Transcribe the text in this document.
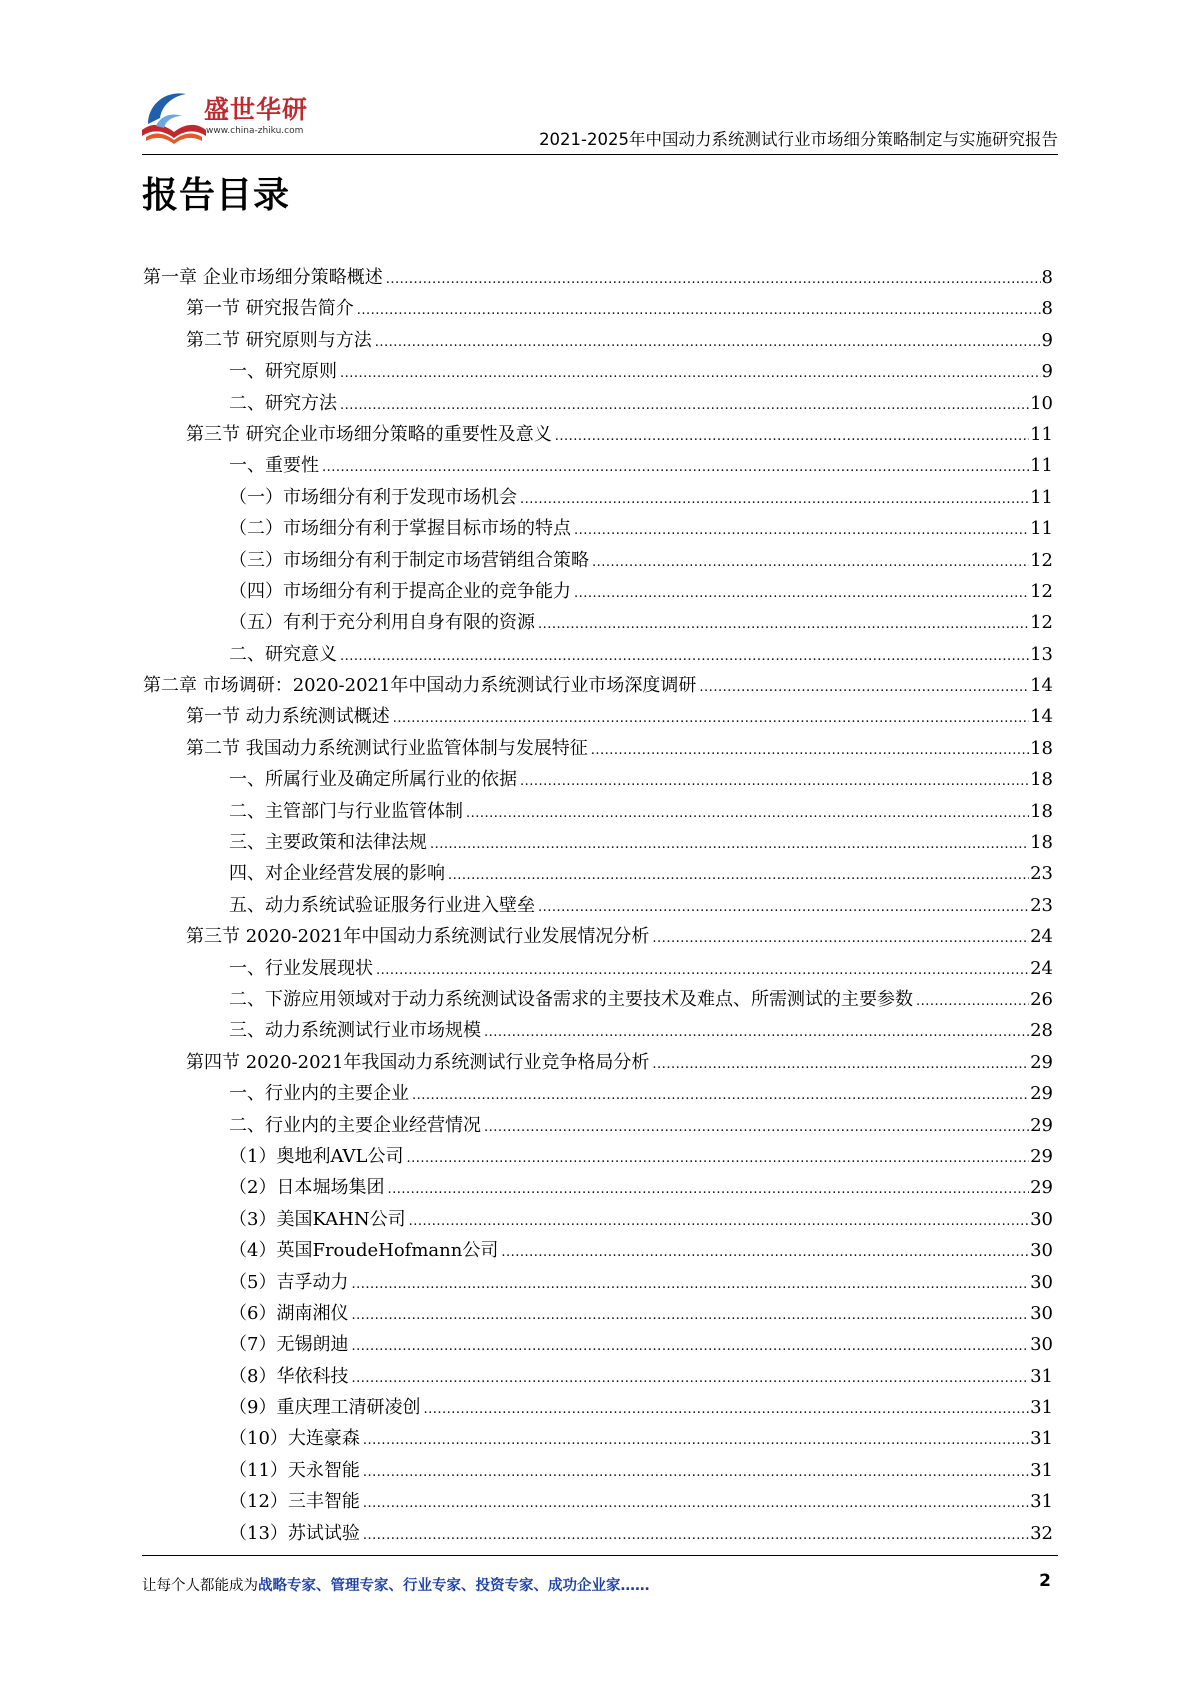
盛世华研
www.china-zhiku.com	2021-2025年中国动力系统测试行业市场细分策略制定与实施研究报告
报告目录
第一章 企业市场细分策略概述 .....	8
第一节 研究报告简介 .....	8
第二节 研究原则与方法 .....	9
一、研究原则 .....	9
二、研究方法 .....	10
第三节 研究企业市场细分策略的重要性及意义 .....	11
一、重要性 .....	11
（一）市场细分有利于发现市场机会 .....	11
（二）市场细分有利于掌握目标市场的特点 .....	11
（三）市场细分有利于制定市场营销组合策略 .....	12
（四）市场细分有利于提高企业的竞争能力 .....	12
（五）有利于充分利用自身有限的资源 .....	12
二、研究意义 .....	13
第二章 市场调研：2020-2021年中国动力系统测试行业市场深度调研 .....	14
第一节 动力系统测试概述 .....	14
第二节 我国动力系统测试行业监管体制与发展特征 .....	18
一、所属行业及确定所属行业的依据 .....	18
二、主管部门与行业监管体制 .....	18
三、主要政策和法律法规 .....	18
四、对企业经营发展的影响 .....	23
五、动力系统试验证服务行业进入壁垒 .....	23
第三节 2020-2021年中国动力系统测试行业发展情况分析 .....	24
一、行业发展现状 .....	24
二、下游应用领域对于动力系统测试设备需求的主要技术及难点、所需测试的主要参数 .....	26
三、动力系统测试行业市场规模 .....	28
第四节 2020-2021年我国动力系统测试行业竞争格局分析 .....	29
一、行业内的主要企业 .....	29
二、行业内的主要企业经营情况 .....	29
（1）奥地利AVL公司 .....	29
（2）日本堀场集团 .....	29
（3）美国KAHN公司 .....	30
（4）英国FroudeHofmann公司 .....	30
（5）吉孚动力 .....	30
（6）湖南湘仪 .....	30
（7）无锡朗迪 .....	30
（8）华依科技 .....	31
（9）重庆理工清研凌创 .....	31
（10）大连豪森 .....	31
（11）天永智能 .....	31
（12）三丰智能 .....	31
（13）苏试试验 .....	32
让每个人都能成为战略专家、管理专家、行业专家、投资专家、成功企业家……	2
